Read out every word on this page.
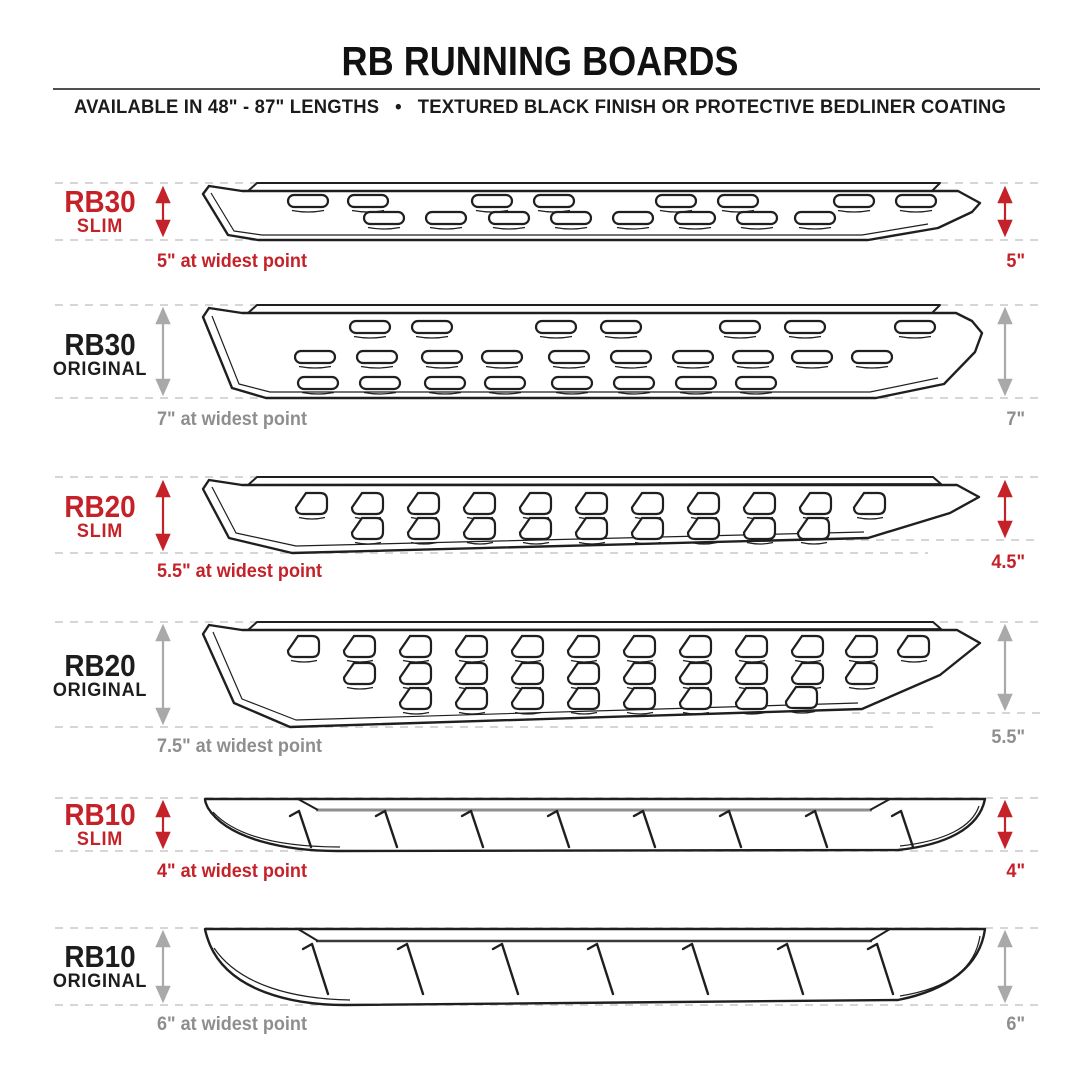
RB RUNNING BOARDS
AVAILABLE IN 48" - 87" LENGTHS   •   TEXTURED BLACK FINISH OR PROTECTIVE BEDLINER COATING
RB30
SLIM
5" at widest point	5"
RB30
ORIGINAL
7" at widest point	7"
RB20
SLIM
5.5" at widest point	4.5"
RB20
ORIGINAL
7.5" at widest point	5.5"
RB10
SLIM
4" at widest point	4"
RB10
ORIGINAL
6" at widest point	6"
